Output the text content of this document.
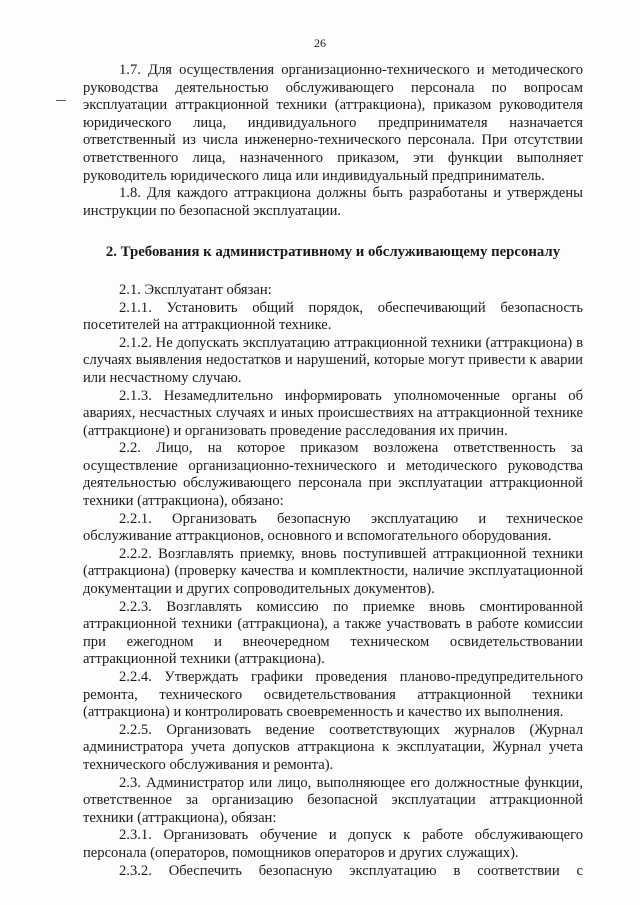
26

1.7. Для осуществления организационно-технического и методического руководства деятельностью обслуживающего персонала по вопросам эксплуатации аттракционной техники (аттракциона), приказом руководителя юридического лица, индивидуального предпринимателя назначается ответственный из числа инженерно-технического персонала. При отсутствии ответственного лица, назначенного приказом, эти функции выполняет руководитель юридического лица или индивидуальный предприниматель.

1.8. Для каждого аттракциона должны быть разработаны и утверждены инструкции по безопасной эксплуатации.

2. Требования к административному и обслуживающему персоналу

2.1. Эксплуатант обязан:

2.1.1. Установить общий порядок, обеспечивающий безопасность посетителей на аттракционной технике.

2.1.2. Не допускать эксплуатацию аттракционной техники (аттракциона) в случаях выявления недостатков и нарушений, которые могут привести к аварии или несчастному случаю.

2.1.3. Незамедлительно информировать уполномоченные органы об авариях, несчастных случаях и иных происшествиях на аттракционной технике (аттракционе) и организовать проведение расследования их причин.

2.2. Лицо, на которое приказом возложена ответственность за осуществление организационно-технического и методического руководства деятельностью обслуживающего персонала при эксплуатации аттракционной техники (аттракциона), обязано:

2.2.1. Организовать безопасную эксплуатацию и техническое обслуживание аттракционов, основного и вспомогательного оборудования.

2.2.2. Возглавлять приемку, вновь поступившей аттракционной техники (аттракциона) (проверку качества и комплектности, наличие эксплуатационной документации и других сопроводительных документов).

2.2.3. Возглавлять комиссию по приемке вновь смонтированной аттракционной техники (аттракциона), а также участвовать в работе комиссии при ежегодном и внеочередном техническом освидетельствовании аттракционной техники (аттракциона).

2.2.4. Утверждать графики проведения планово-предупредительного ремонта, технического освидетельствования аттракционной техники (аттракциона) и контролировать своевременность и качество их выполнения.

2.2.5. Организовать ведение соответствующих журналов (Журнал администратора учета допусков аттракциона к эксплуатации, Журнал учета технического обслуживания и ремонта).

2.3. Администратор или лицо, выполняющее его должностные функции, ответственное за организацию безопасной эксплуатации аттракционной техники (аттракциона), обязан:

2.3.1. Организовать обучение и допуск к работе обслуживающего персонала (операторов, помощников операторов и других служащих).

2.3.2. Обеспечить безопасную эксплуатацию в соответствии с
